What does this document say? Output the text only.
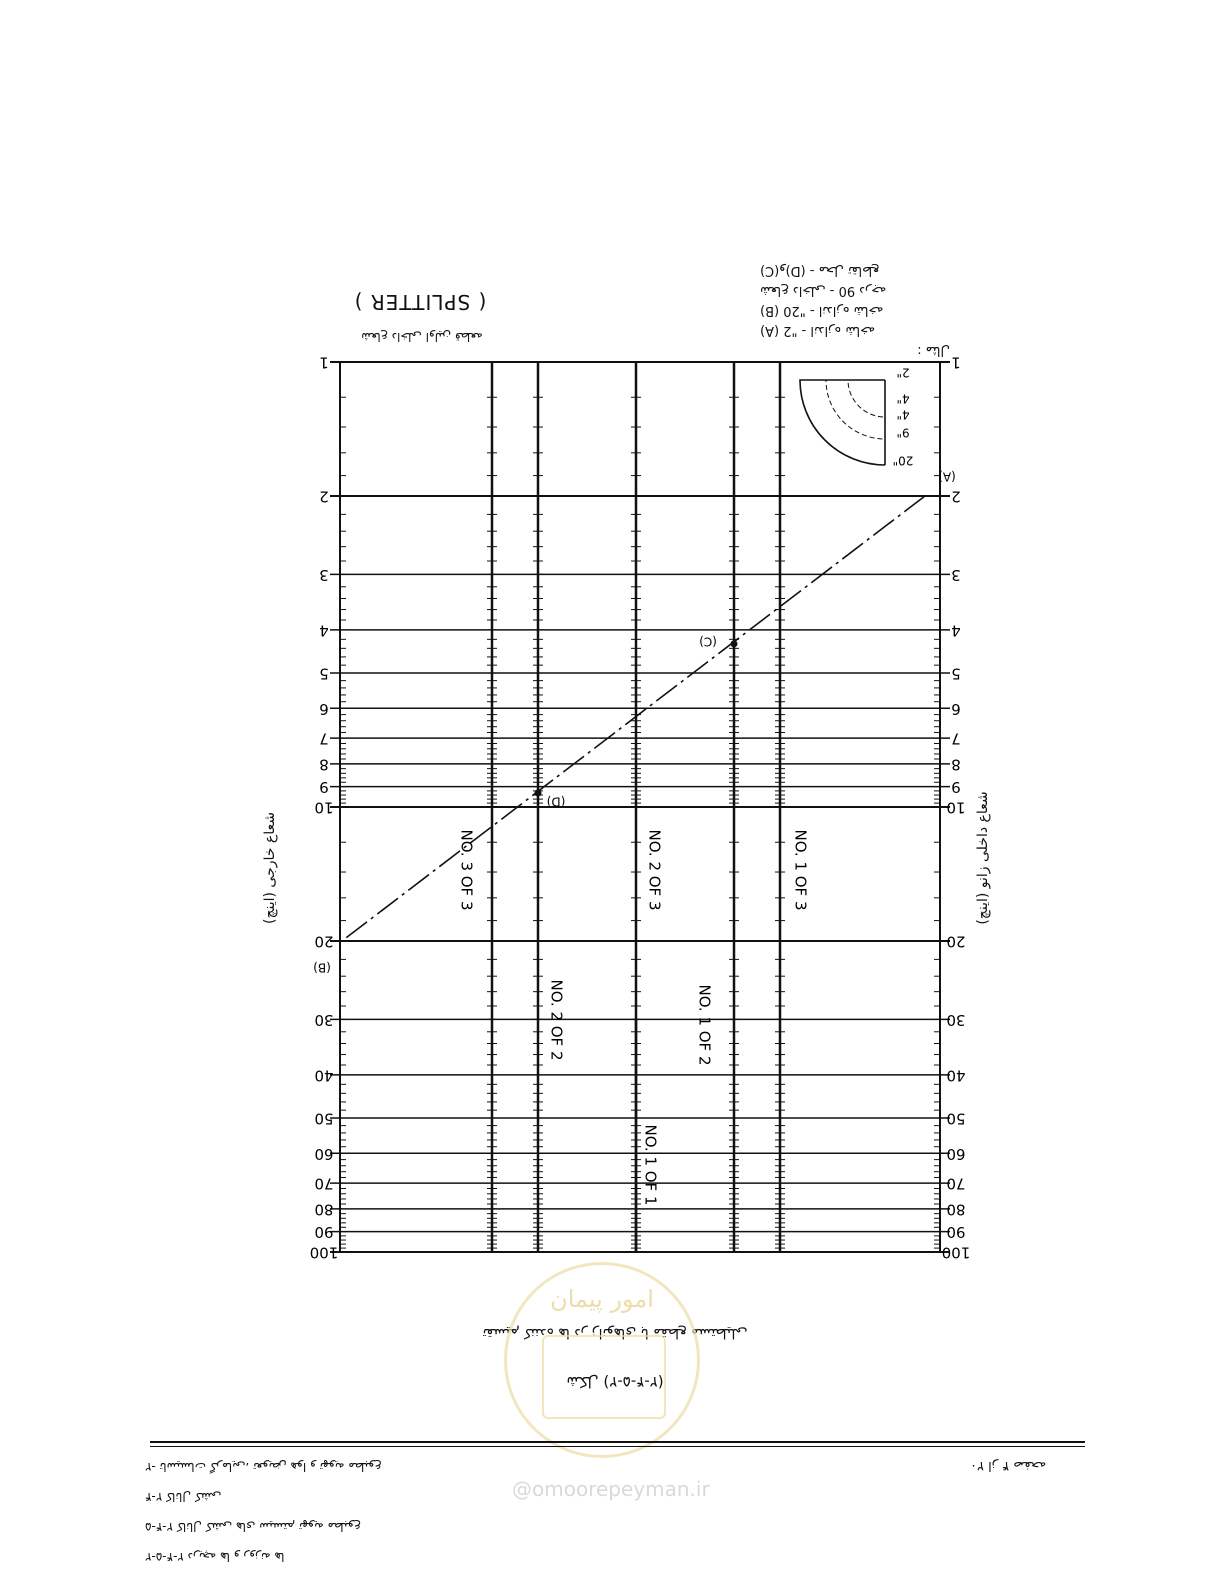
مثال :
(A) 2" - اندازه شاخه
(B) 20" - اندازه شاخه
شعاع داخلی - 90 درجه
(C)و(D) - محل تقاطع
شعاع داخلی اولین قطعه
( SPLITTER )
1	1
2	2
3	3
4	4
5	5
6	6
7	7
8	8
9	9
10	10
20	20
30	30
40	40
50	50
60	60
70	70
80	80
90	90
100	100
2"
4"
4"
9"
20"
(A)
(B)
(C)
(D)
NO. 3 OF 3
NO. 2 OF 2
NO. 2 OF 3
NO. 1 OF 2
NO. 1 OF 3
NO. 1 OF 1
شعاع داخلی زانو (اینچ)
شعاع خارجی (اینچ)
تقسیم کننده ها در زانوهای با مقطع مستطیلی
شکل (۲-۵-۴-۲)
امور پیمان
@omoorepeyman.ir
۲۰ از ۴ صفحه
۲-۴-۵-۲ دریچه ها و روزنه ها
۲-۴-۵ کانال کشی های سیستم تهویه مطبوع
۲-۴ کانال کشی
۲- تاسیسات گرمایی، تعویض هوا و تهویه مطبوع
